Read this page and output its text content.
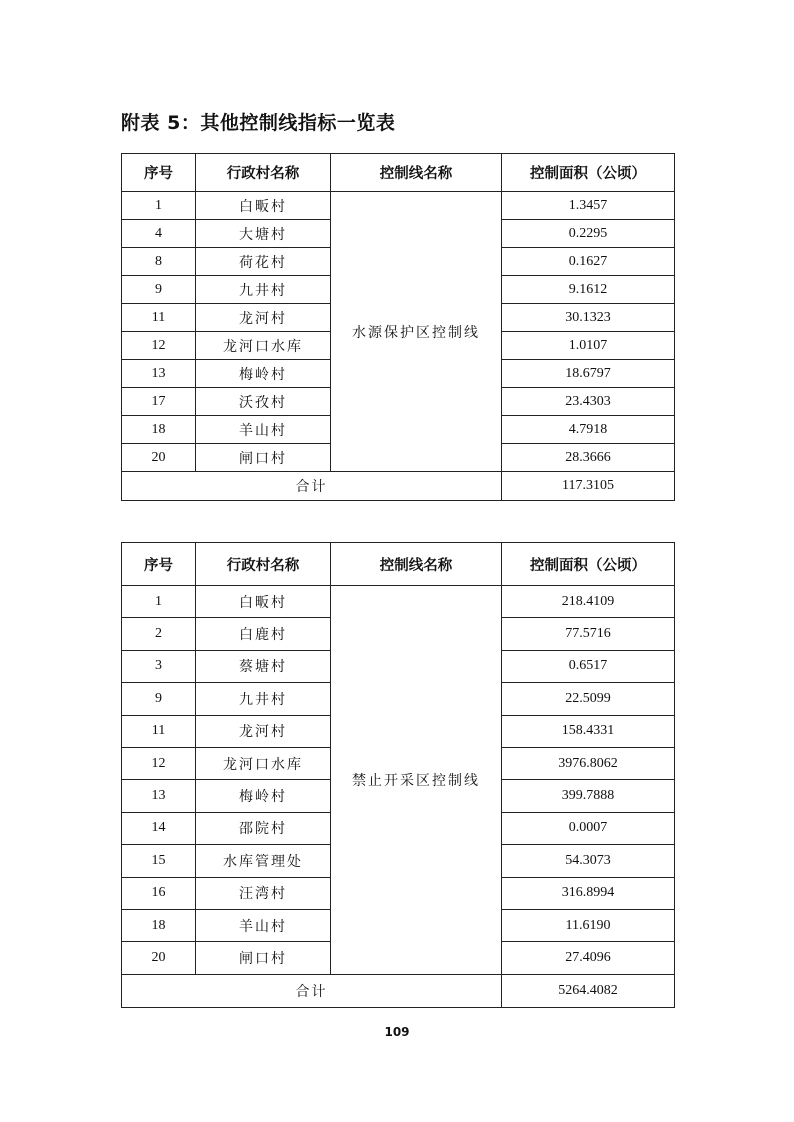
附表 5：其他控制线指标一览表
序号	行政村名称	控制线名称	控制面积（公顷）
1	白畈村	水源保护区控制线	1.3457
4	大塘村		0.2295
8	荷花村		0.1627
9	九井村		9.1612
11	龙河村		30.1323
12	龙河口水库		1.0107
13	梅岭村		18.6797
17	沃孜村		23.4303
18	羊山村		4.7918
20	闸口村		28.3666
合计			117.3105
序号	行政村名称	控制线名称	控制面积（公顷）
1	白畈村	禁止开采区控制线	218.4109
2	白鹿村		77.5716
3	蔡塘村		0.6517
9	九井村		22.5099
11	龙河村		158.4331
12	龙河口水库		3976.8062
13	梅岭村		399.7888
14	邵院村		0.0007
15	水库管理处		54.3073
16	汪湾村		316.8994
18	羊山村		11.6190
20	闸口村		27.4096
合计			5264.4082
109
